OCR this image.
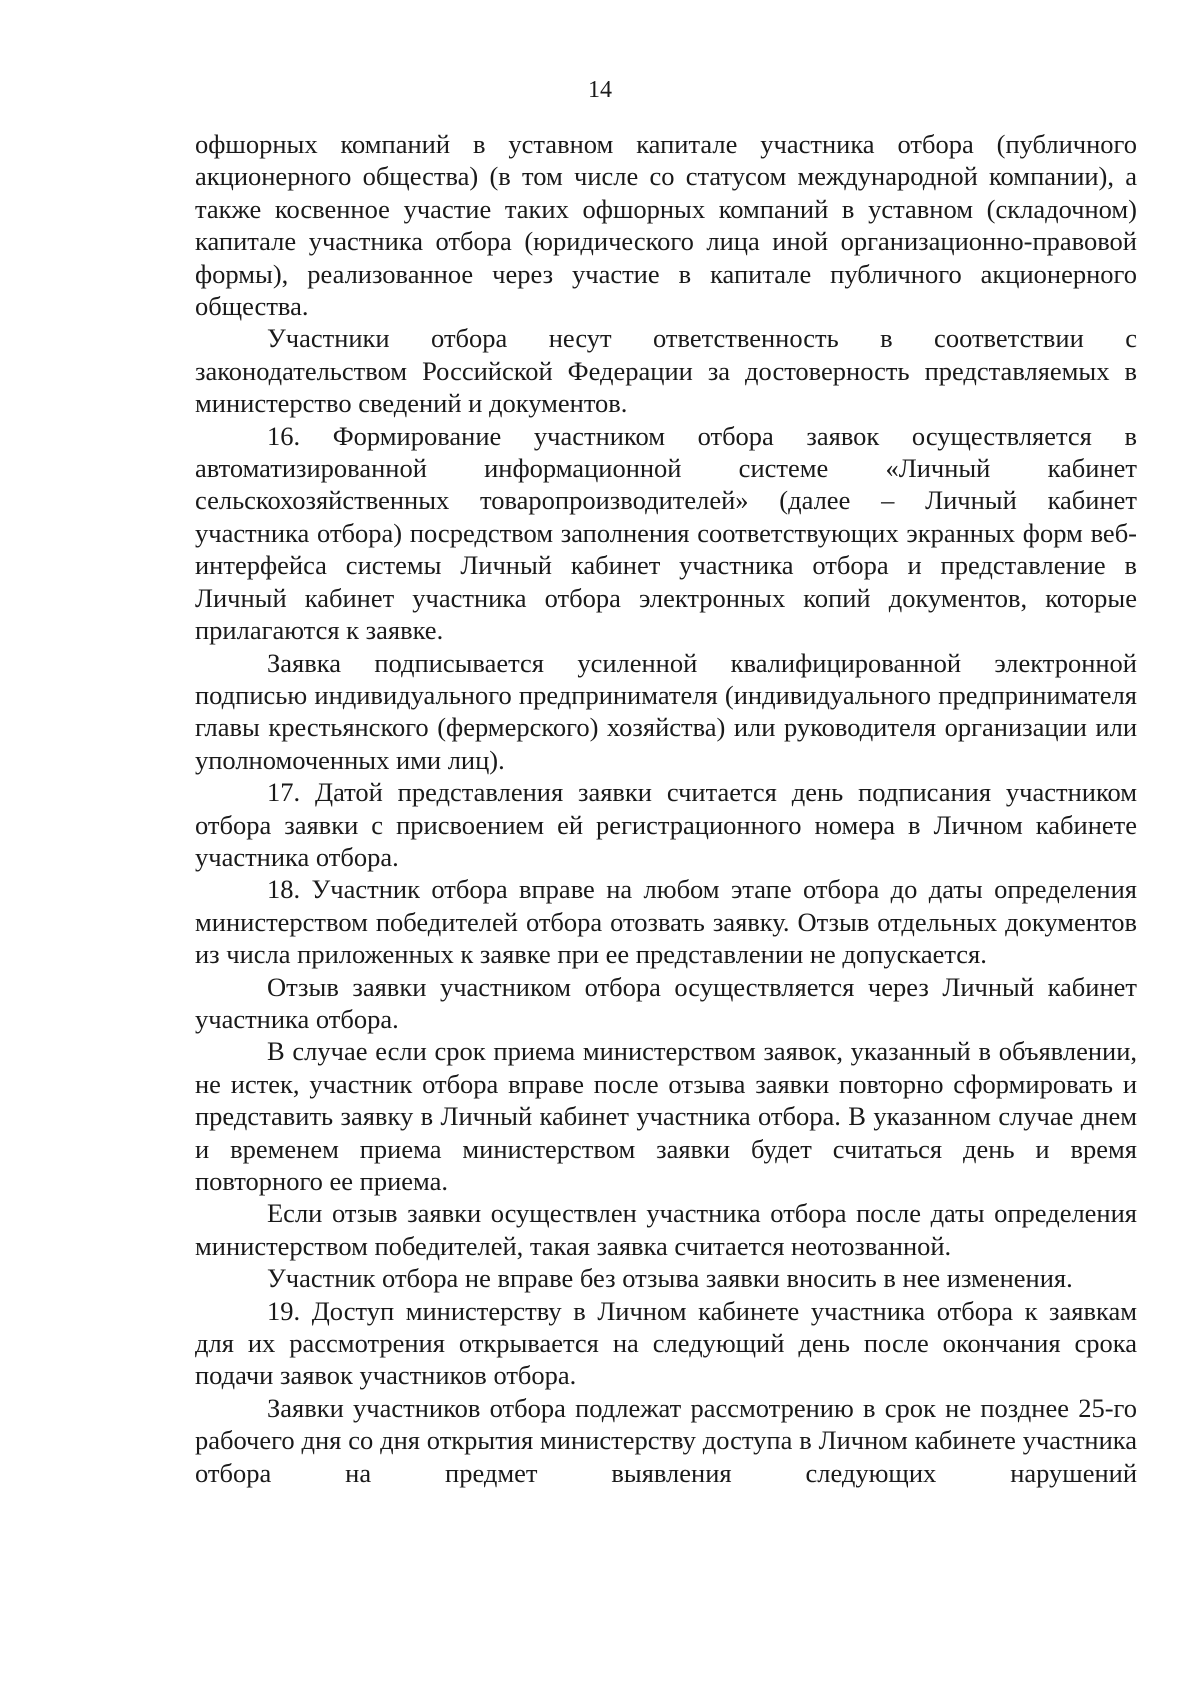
14

офшорных компаний в уставном капитале участника отбора (публичного акционерного общества) (в том числе со статусом международной компании), а также косвенное участие таких офшорных компаний в уставном (складочном) капитале участника отбора (юридического лица иной организационно-правовой формы), реализованное через участие в капитале публичного акционерного общества.

Участники отбора несут ответственность в соответствии с законодательством Российской Федерации за достоверность представляемых в министерство сведений и документов.

16. Формирование участником отбора заявок осуществляется в автоматизированной информационной системе «Личный кабинет сельскохозяйственных товаропроизводителей» (далее – Личный кабинет участника отбора) посредством заполнения соответствующих экранных форм веб-интерфейса системы Личный кабинет участника отбора и представление в Личный кабинет участника отбора электронных копий документов, которые прилагаются к заявке.

Заявка подписывается усиленной квалифицированной электронной подписью индивидуального предпринимателя (индивидуального предпринимателя главы крестьянского (фермерского) хозяйства) или руководителя организации или уполномоченных ими лиц).

17. Датой представления заявки считается день подписания участником отбора заявки с присвоением ей регистрационного номера в Личном кабинете участника отбора.

18. Участник отбора вправе на любом этапе отбора до даты определения министерством победителей отбора отозвать заявку. Отзыв отдельных документов из числа приложенных к заявке при ее представлении не допускается.

Отзыв заявки участником отбора осуществляется через Личный кабинет участника отбора.

В случае если срок приема министерством заявок, указанный в объявлении, не истек, участник отбора вправе после отзыва заявки повторно сформировать и представить заявку в Личный кабинет участника отбора. В указанном случае днем и временем приема министерством заявки будет считаться день и время повторного ее приема.

Если отзыв заявки осуществлен участника отбора после даты определения министерством победителей, такая заявка считается неотозванной.

Участник отбора не вправе без отзыва заявки вносить в нее изменения.

19. Доступ министерству в Личном кабинете участника отбора к заявкам для их рассмотрения открывается на следующий день после окончания срока подачи заявок участников отбора.

Заявки участников отбора подлежат рассмотрению в срок не позднее 25-го рабочего дня со дня открытия министерству доступа в Личном кабинете участника отбора на предмет выявления следующих нарушений
